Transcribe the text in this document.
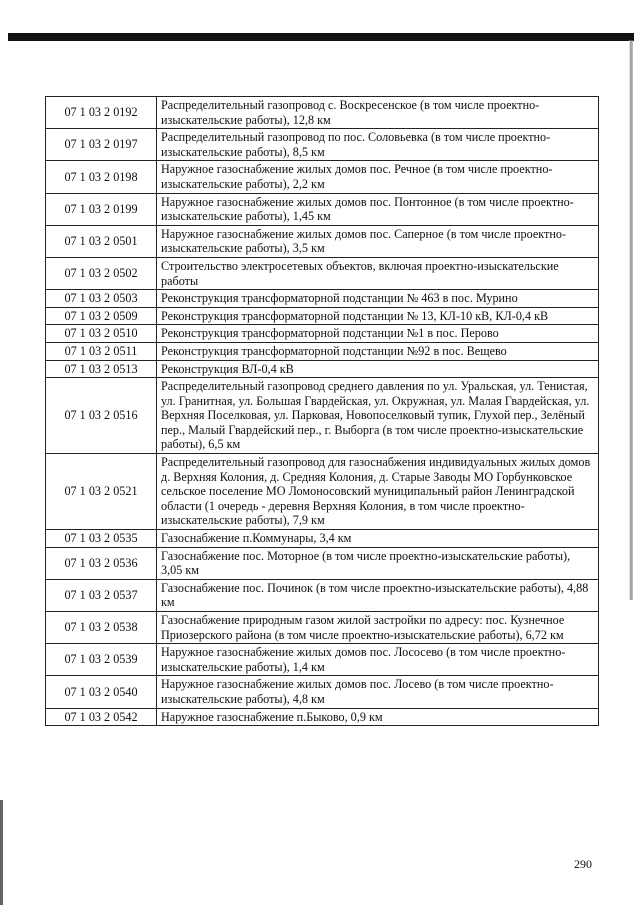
07 1 03 2 0192	Распределительный газопровод с. Воскресенское (в том числе проектно-изыскательские работы), 12,8 км
07 1 03 2 0197	Распределительный газопровод по пос. Соловьевка (в том числе проектно-изыскательские работы), 8,5 км
07 1 03 2 0198	Наружное газоснабжение жилых домов пос. Речное (в том числе проектно-изыскательские работы), 2,2 км
07 1 03 2 0199	Наружное газоснабжение жилых домов пос. Понтонное (в том числе проектно-изыскательские работы), 1,45 км
07 1 03 2 0501	Наружное газоснабжение жилых домов пос. Саперное (в том числе проектно-изыскательские работы), 3,5 км
07 1 03 2 0502	Строительство электросетевых объектов, включая проектно-изыскательские работы
07 1 03 2 0503	Реконструкция трансформаторной подстанции № 463 в пос. Мурино
07 1 03 2 0509	Реконструкция трансформаторной подстанции № 13, КЛ-10 кВ, КЛ-0,4 кВ
07 1 03 2 0510	Реконструкция трансформаторной подстанции №1 в пос. Перово
07 1 03 2 0511	Реконструкция трансформаторной подстанции №92 в пос. Вещево
07 1 03 2 0513	Реконструкция ВЛ-0,4 кВ
07 1 03 2 0516	Распределительный газопровод среднего давления по ул. Уральская, ул. Тенистая, ул. Гранитная, ул. Большая Гвардейская, ул. Окружная, ул. Малая Гвардейская, ул. Верхняя Поселковая, ул. Парковая, Новопоселковый тупик, Глухой пер., Зелёный пер., Малый Гвардейский пер., г. Выборга (в том числе проектно-изыскательские работы), 6,5 км
07 1 03 2 0521	Распределительный газопровод для газоснабжения индивидуальных жилых домов д. Верхняя Колония, д. Средняя Колония, д. Старые Заводы МО Горбунковское сельское поселение МО Ломоносовский муниципальный район Ленинградской области (1 очередь - деревня Верхняя Колония, в том числе проектно-изыскательские работы), 7,9 км
07 1 03 2 0535	Газоснабжение п.Коммунары, 3,4 км
07 1 03 2 0536	Газоснабжение пос. Моторное (в том числе проектно-изыскательские работы), 3,05 км
07 1 03 2 0537	Газоснабжение пос. Починок (в том числе проектно-изыскательские работы), 4,88 км
07 1 03 2 0538	Газоснабжение природным газом жилой застройки по адресу: пос. Кузнечное Приозерского района (в том числе проектно-изыскательские работы), 6,72 км
07 1 03 2 0539	Наружное газоснабжение жилых домов пос. Лососево (в том числе проектно-изыскательские работы), 1,4 км
07 1 03 2 0540	Наружное газоснабжение жилых домов пос. Лосево (в том числе проектно-изыскательские работы), 4,8 км
07 1 03 2 0542	Наружное газоснабжение п.Быково, 0,9 км
290
